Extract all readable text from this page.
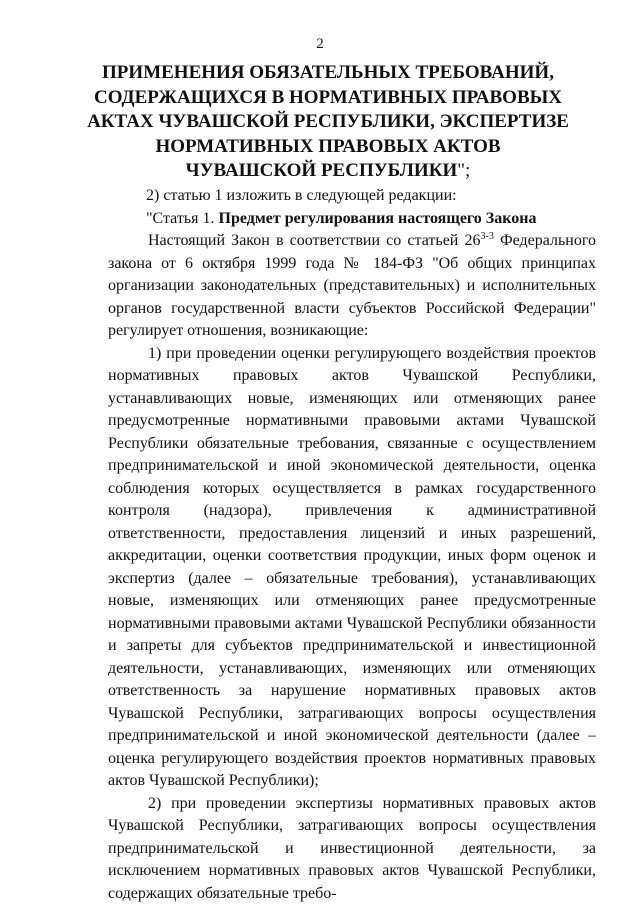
2
ПРИМЕНЕНИЯ ОБЯЗАТЕЛЬНЫХ ТРЕБОВАНИЙ,
СОДЕРЖАЩИХСЯ В НОРМАТИВНЫХ ПРАВОВЫХ
АКТАХ ЧУВАШСКОЙ РЕСПУБЛИКИ, ЭКСПЕРТИЗЕ
НОРМАТИВНЫХ ПРАВОВЫХ АКТОВ
ЧУВАШСКОЙ РЕСПУБЛИКИ";

2) статью 1 изложить в следующей редакции:

"Статья 1. Предмет регулирования настоящего Закона

Настоящий Закон в соответствии со статьей 26$^{3-3}$ Федерального закона от 6 октября 1999 года № 184-ФЗ "Об общих принципах организации законодательных (представительных) и исполнительных органов государственной власти субъектов Российской Федерации" регулирует отношения, возникающие:

1) при проведении оценки регулирующего воздействия проектов нормативных правовых актов Чувашской Республики, устанавливающих новые, изменяющих или отменяющих ранее предусмотренные нормативными правовыми актами Чувашской Республики обязательные требования, связанные с осуществлением предпринимательской и иной экономической деятельности, оценка соблюдения которых осуществляется в рамках государственного контроля (надзора), привлечения к административной ответственности, предоставления лицензий и иных разрешений, аккредитации, оценки соответствия продукции, иных форм оценок и экспертиз (далее – обязательные требования), устанавливающих новые, изменяющих или отменяющих ранее предусмотренные нормативными правовыми актами Чувашской Республики обязанности и запреты для субъектов предпринимательской и инвестиционной деятельности, устанавливающих, изменяющих или отменяющих ответственность за нарушение нормативных правовых актов Чувашской Республики, затрагивающих вопросы осуществления предпринимательской и иной экономической деятельности (далее – оценка регулирующего воздействия проектов нормативных правовых актов Чувашской Республики);

2) при проведении экспертизы нормативных правовых актов Чувашской Республики, затрагивающих вопросы осуществления предпринимательской и инвестиционной деятельности, за исключением нормативных правовых актов Чувашской Республики, содержащих обязательные требо-
